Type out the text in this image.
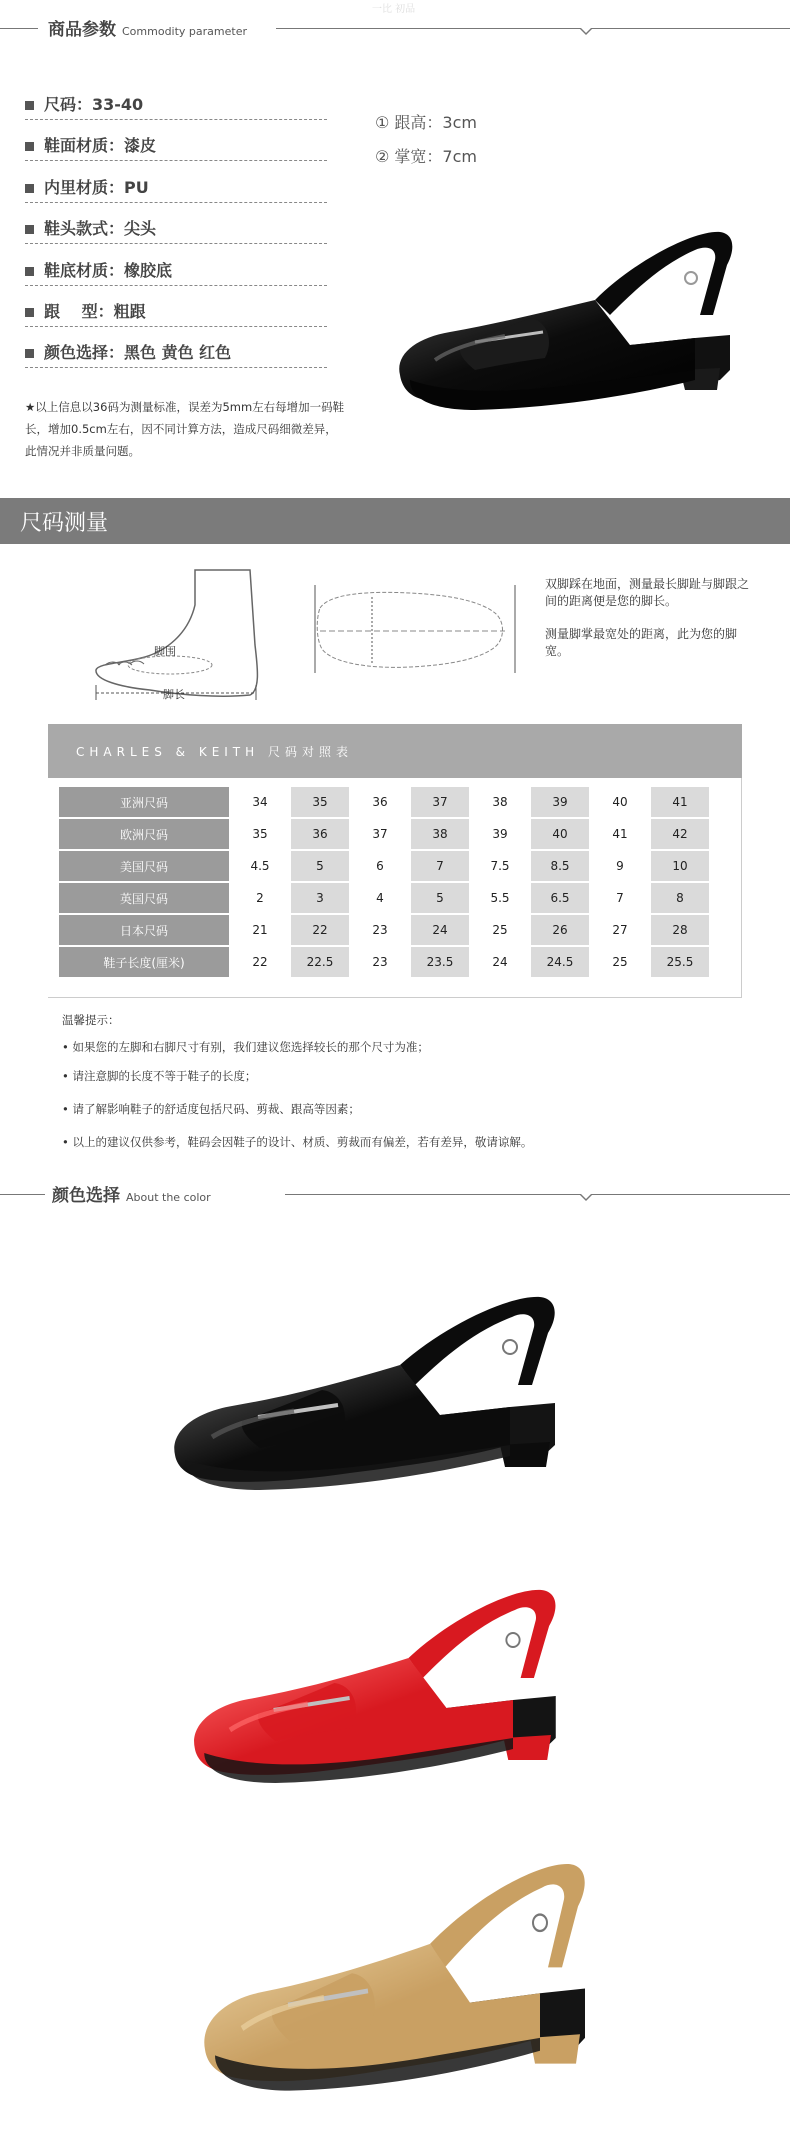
商品参数 Commodity parameter
一比 初品
尺码：33-40
鞋面材质：漆皮
内里材质：PU
鞋头款式：尖头
鞋底材质：橡胶底
跟　 型：粗跟
颜色选择：黑色 黄色 红色
① 跟高：3cm
② 掌宽：7cm
★以上信息以36码为测量标准，误差为5mm左右每增加一码鞋长，增加0.5cm左右，因不同计算方法，造成尺码细微差异，此情况并非质量问题。
尺码测量
脚围
脚长
双脚踩在地面，测量最长脚趾与脚跟之间的距离便是您的脚长。
测量脚掌最宽处的距离，此为您的脚宽。
CHARLES & KEITH 尺码对照表
亚洲尺码	34	35	36	37	38	39	40	41
欧洲尺码	35	36	37	38	39	40	41	42
美国尺码	4.5	5	6	7	7.5	8.5	9	10
英国尺码	2	3	4	5	5.5	6.5	7	8
日本尺码	21	22	23	24	25	26	27	28
鞋子长度(厘米)	22	22.5	23	23.5	24	24.5	25	25.5
温馨提示：
• 如果您的左脚和右脚尺寸有别，我们建议您选择较长的那个尺寸为准；
• 请注意脚的长度不等于鞋子的长度；
• 请了解影响鞋子的舒适度包括尺码、剪裁、跟高等因素；
• 以上的建议仅供参考，鞋码会因鞋子的设计、材质、剪裁而有偏差，若有差异，敬请谅解。
颜色选择 About the color
